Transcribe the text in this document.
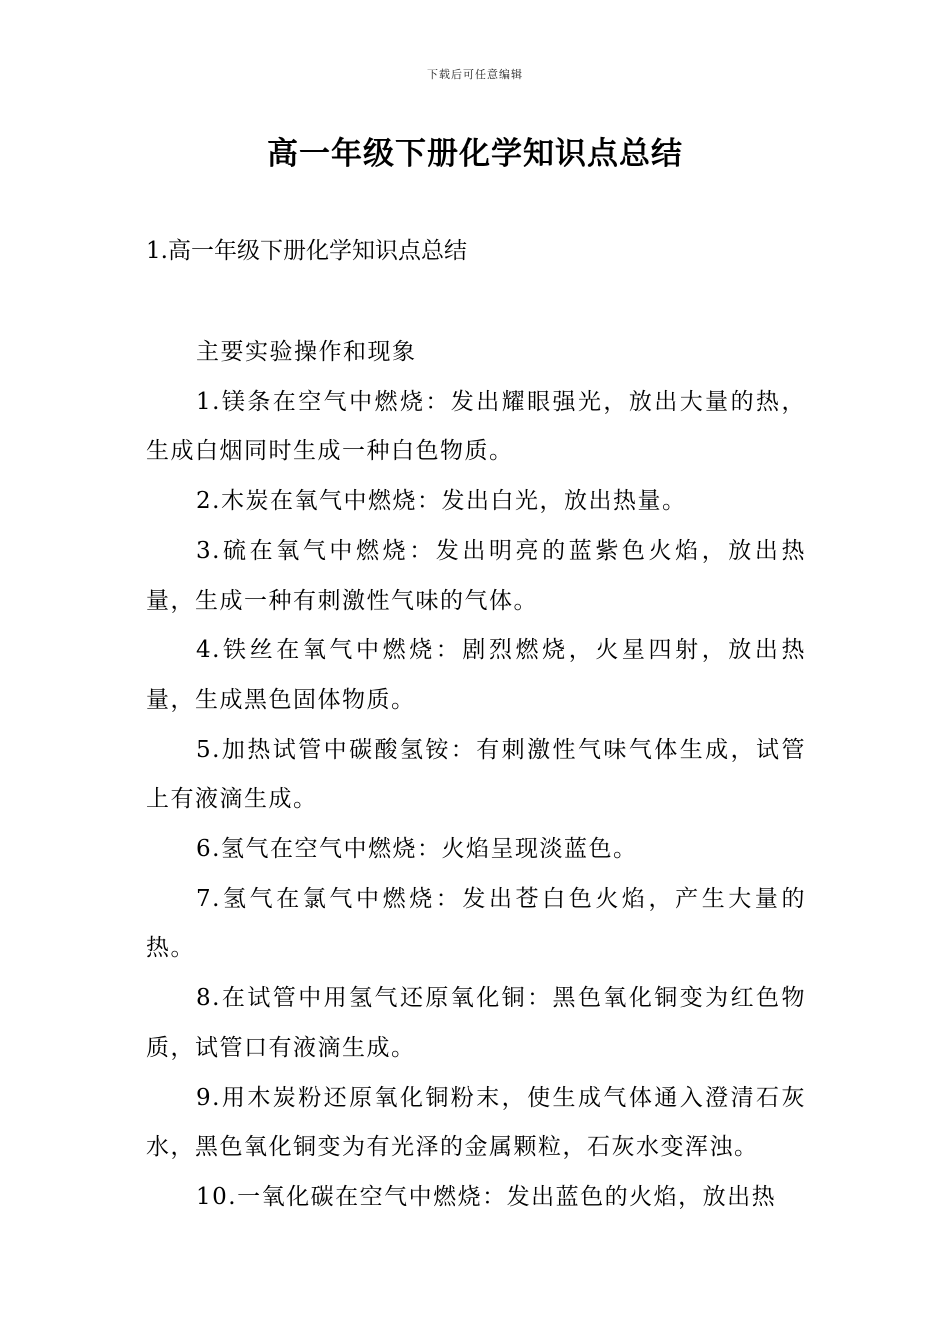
下载后可任意编辑
高一年级下册化学知识点总结
1.高一年级下册化学知识点总结

主要实验操作和现象

1.镁条在空气中燃烧：发出耀眼强光，放出大量的热，生成白烟同时生成一种白色物质。

2.木炭在氧气中燃烧：发出白光，放出热量。

3.硫在氧气中燃烧：发出明亮的蓝紫色火焰，放出热量，生成一种有刺激性气味的气体。

4.铁丝在氧气中燃烧：剧烈燃烧，火星四射，放出热量，生成黑色固体物质。

5.加热试管中碳酸氢铵：有刺激性气味气体生成，试管上有液滴生成。

6.氢气在空气中燃烧：火焰呈现淡蓝色。

7.氢气在氯气中燃烧：发出苍白色火焰，产生大量的热。

8.在试管中用氢气还原氧化铜：黑色氧化铜变为红色物质，试管口有液滴生成。

9.用木炭粉还原氧化铜粉末，使生成气体通入澄清石灰水，黑色氧化铜变为有光泽的金属颗粒，石灰水变浑浊。

10.一氧化碳在空气中燃烧：发出蓝色的火焰，放出热
